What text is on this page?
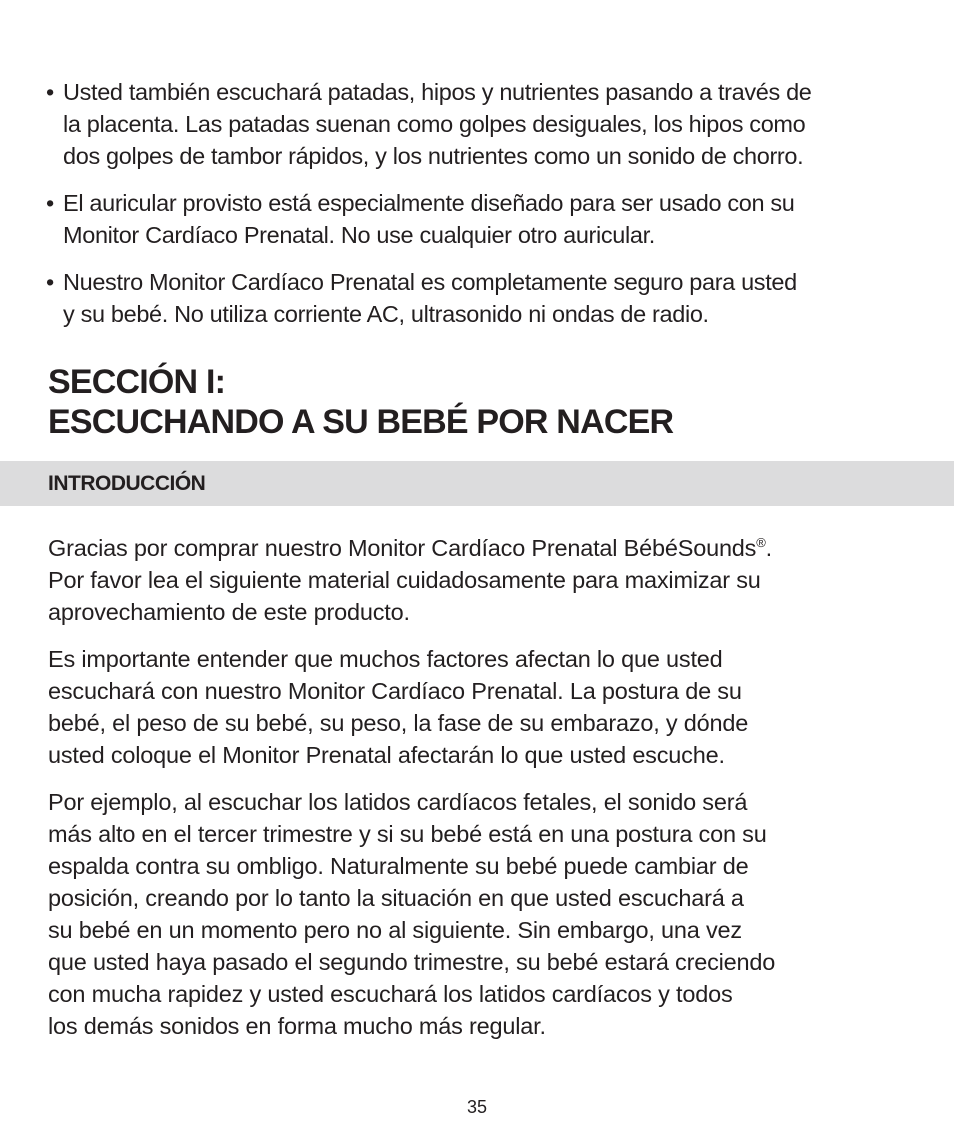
• Usted también escuchará patadas, hipos y nutrientes pasando a través de
la placenta. Las patadas suenan como golpes desiguales, los hipos como
dos golpes de tambor rápidos, y los nutrientes como un sonido de chorro.
• El auricular provisto está especialmente diseñado para ser usado con su
Monitor Cardíaco Prenatal. No use cualquier otro auricular.
• Nuestro Monitor Cardíaco Prenatal es completamente seguro para usted
y su bebé. No utiliza corriente AC, ultrasonido ni ondas de radio.
SECCIÓN I:
ESCUCHANDO A SU BEBÉ POR NACER
INTRODUCCIÓN

Gracias por comprar nuestro Monitor Cardíaco Prenatal BébéSounds®.
Por favor lea el siguiente material cuidadosamente para maximizar su
aprovechamiento de este producto.

Es importante entender que muchos factores afectan lo que usted
escuchará con nuestro Monitor Cardíaco Prenatal. La postura de su
bebé, el peso de su bebé, su peso, la fase de su embarazo, y dónde
usted coloque el Monitor Prenatal afectarán lo que usted escuche.

Por ejemplo, al escuchar los latidos cardíacos fetales, el sonido será
más alto en el tercer trimestre y si su bebé está en una postura con su
espalda contra su ombligo. Naturalmente su bebé puede cambiar de
posición, creando por lo tanto la situación en que usted escuchará a
su bebé en un momento pero no al siguiente. Sin embargo, una vez
que usted haya pasado el segundo trimestre, su bebé estará creciendo
con mucha rapidez y usted escuchará los latidos cardíacos y todos
los demás sonidos en forma mucho más regular.

35
